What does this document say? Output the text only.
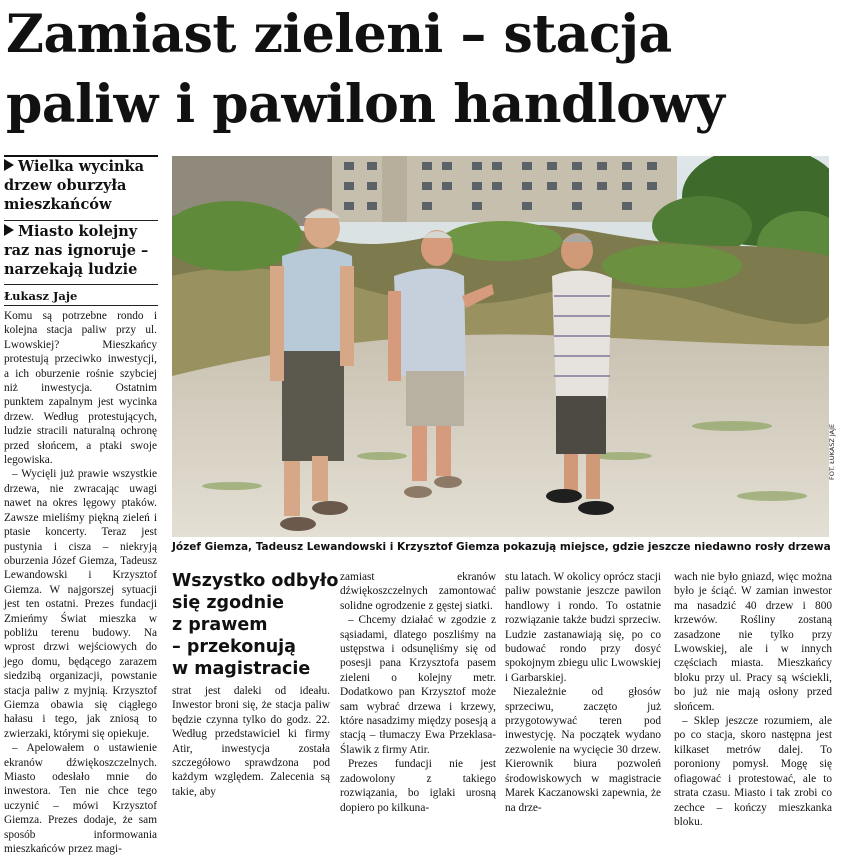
Zamiast zieleni – stacja
paliw i pawilon handlowy
Wielka wycinka
drzew oburzyła
mieszkańców
Miasto kolejny
raz nas ignoruje –
narzekają ludzie
Łukasz Jaje

Komu są potrzebne rondo i kolejna stacja paliw przy ul. Lwowskiej? Mieszkańcy protestują przeciwko inwestycji, a ich oburzenie rośnie szybciej niż inwestycja. Ostatnim punktem zapalnym jest wycinka drzew. Według protestujących, ludzie stracili naturalną ochronę przed słońcem, a ptaki swoje legowiska.

– Wycięli już prawie wszystkie drzewa, nie zwracając uwagi nawet na okres lęgowy ptaków. Zawsze mieliśmy piękną zieleń i ptasie koncerty. Teraz jest pustynia i cisza – niekryją oburzenia Józef Giemza, Tadeusz Lewandowski i Krzysztof Giemza. W najgorszej sytuacji jest ten ostatni. Prezes fundacji Zmieńmy Świat mieszka w pobliżu terenu budowy. Na wprost drzwi wejściowych do jego domu, będącego zarazem siedzibą organizacji, powstanie stacja paliw z myjnią. Krzysztof Giemza obawia się ciągłego hałasu i tego, jak zniosą to zwierzaki, którymi się opiekuje.

– Apelowałem o ustawienie ekranów dźwiękoszczelnych. Miasto odesłało mnie do inwestora. Ten nie chce tego uczynić – mówi Krzysztof Giemza. Prezes dodaje, że sam sposób informowania mieszkańców przez magi-

FOT. ŁUKASZ JAJE
Józef Giemza, Tadeusz Lewandowski i Krzysztof Giemza pokazują miejsce, gdzie jeszcze niedawno rosły drzewa
Wszystko odbyło
się zgodnie
z prawem
– przekonują
w magistracie

strat jest daleki od ideału. Inwestor broni się, że stacja paliw będzie czynna tylko do godz. 22. Według przedstawiciel ki firmy Atir, inwestycja została szczegółowo sprawdzona pod każdym względem. Zalecenia są takie, aby

zamiast ekranów dźwiękoszczelnych zamontować solidne ogrodzenie z gęstej siatki.

– Chcemy działać w zgodzie z sąsiadami, dlatego poszliśmy na ustępstwa i odsunęliśmy się od posesji pana Krzysztofa pasem zieleni o kolejny metr. Dodatkowo pan Krzysztof może sam wybrać drzewa i krzewy, które nasadzimy między posesją a stacją – tłumaczy Ewa Przeklasa-Ślawik z firmy Atir.

Prezes fundacji nie jest zadowolony z takiego rozwiązania, bo iglaki urosną dopiero po kilkuna-

stu latach. W okolicy oprócz stacji paliw powstanie jeszcze pawilon handlowy i rondo. To ostatnie rozwiązanie także budzi sprzeciw. Ludzie zastanawiają się, po co budować rondo przy dosyć spokojnym zbiegu ulic Lwowskiej i Garbarskiej.

Niezależnie od głosów sprzeciwu, zaczęto już przygotowywać teren pod inwestycję. Na początek wydano zezwolenie na wycięcie 30 drzew. Kierownik biura pozwoleń środowiskowych w magistracie Marek Kaczanowski zapewnia, że na drze-

wach nie było gniazd, więc można było je ściąć. W zamian inwestor ma nasadzić 40 drzew i 800 krzewów. Rośliny zostaną zasadzone nie tylko przy Lwowskiej, ale i w innych częściach miasta. Mieszkańcy bloku przy ul. Pracy są wściekli, bo już nie mają osłony przed słońcem.

– Sklep jeszcze rozumiem, ale po co stacja, skoro następna jest kilkaset metrów dalej. To poroniony pomysł. Mogę się ofiagować i protestować, ale to strata czasu. Miasto i tak zrobi co zechce – kończy mieszkanka bloku.
